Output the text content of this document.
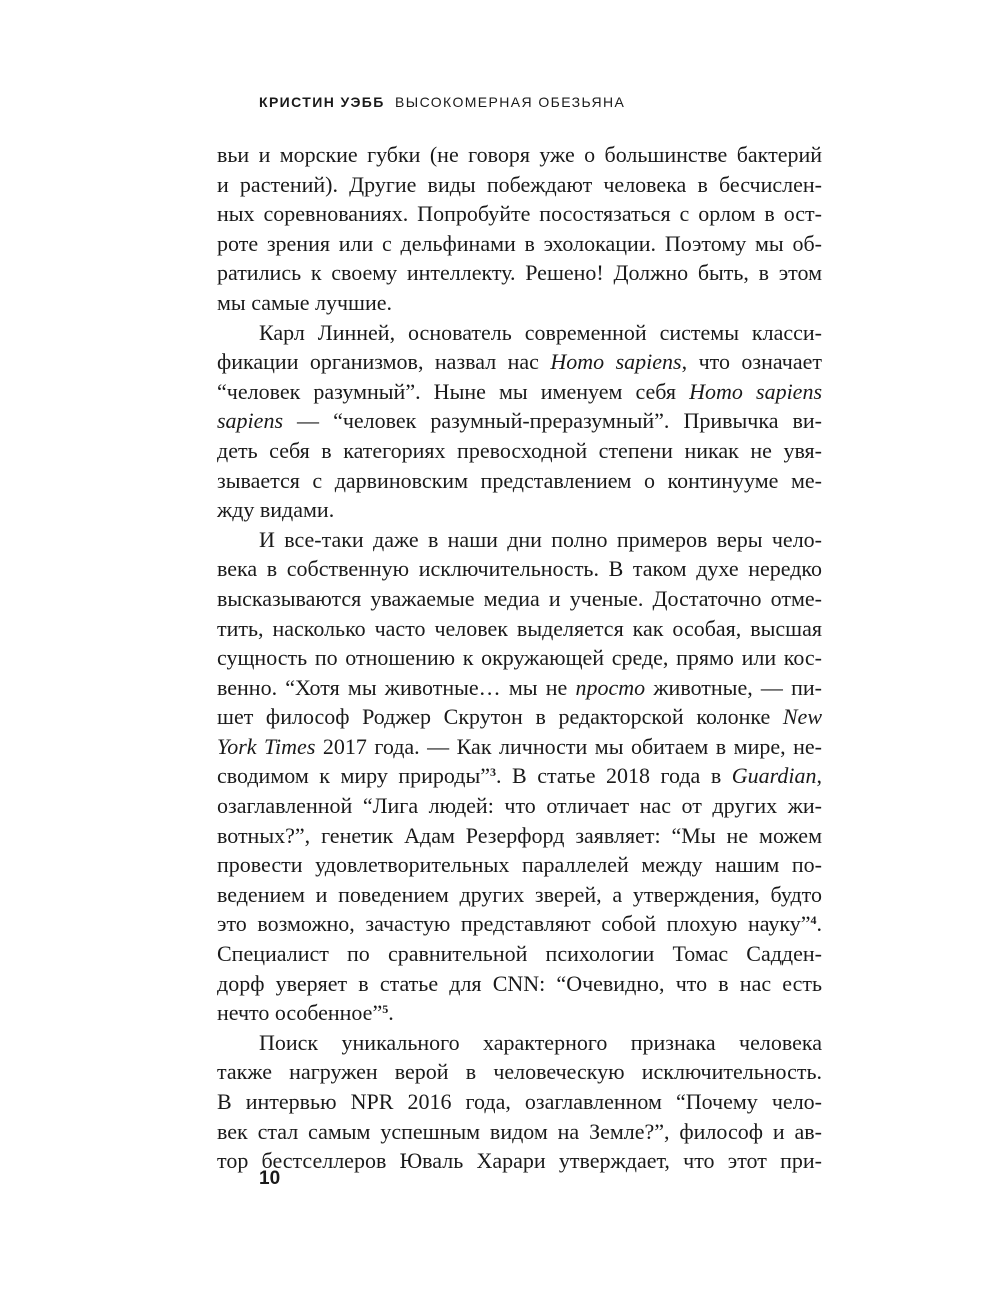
КРИСТИН УЭББ ВЫСОКОМЕРНАЯ ОБЕЗЬЯНА
вьи и морские губки (не говоря уже о большинстве бактерий
и растений). Другие виды побеждают человека в бесчислен-
ных соревнованиях. Попробуйте посостязаться с орлом в ост-
роте зрения или с дельфинами в эхолокации. Поэтому мы об-
ратились к своему интеллекту. Решено! Должно быть, в этом
мы самые лучшие.
Карл Линней, основатель современной системы класси-
фикации организмов, назвал нас Homo sapiens, что означает
“человек разумный”. Ныне мы именуем себя Homo sapiens
sapiens — “человек разумный-преразумный”. Привычка ви-
деть себя в категориях превосходной степени никак не увя-
зывается с дарвиновским представлением о континууме ме-
жду видами.
И все-таки даже в наши дни полно примеров веры чело-
века в собственную исключительность. В таком духе нередко
высказываются уважаемые медиа и ученые. Достаточно отме-
тить, насколько часто человек выделяется как особая, высшая
сущность по отношению к окружающей среде, прямо или кос-
венно. “Хотя мы животные… мы не просто животные, — пи-
шет философ Роджер Скрутон в редакторской колонке New
York Times 2017 года. — Как личности мы обитаем в мире, не-
сводимом к миру природы”$^3$. В статье 2018 года в Guardian,
озаглавленной “Лига людей: что отличает нас от других жи-
вотных?”, генетик Адам Резерфорд заявляет: “Мы не можем
провести удовлетворительных параллелей между нашим по-
ведением и поведением других зверей, а утверждения, будто
это возможно, зачастую представляют собой плохую науку”$^4$.
Специалист по сравнительной психологии Томас Садден-
дорф уверяет в статье для CNN: “Очевидно, что в нас есть
нечто особенное”$^5$.
Поиск уникального характерного признака человека
также нагружен верой в человеческую исключительность.
В интервью NPR 2016 года, озаглавленном “Почему чело-
век стал самым успешным видом на Земле?”, философ и ав-
тор бестселлеров Юваль Харари утверждает, что этот при-
10
